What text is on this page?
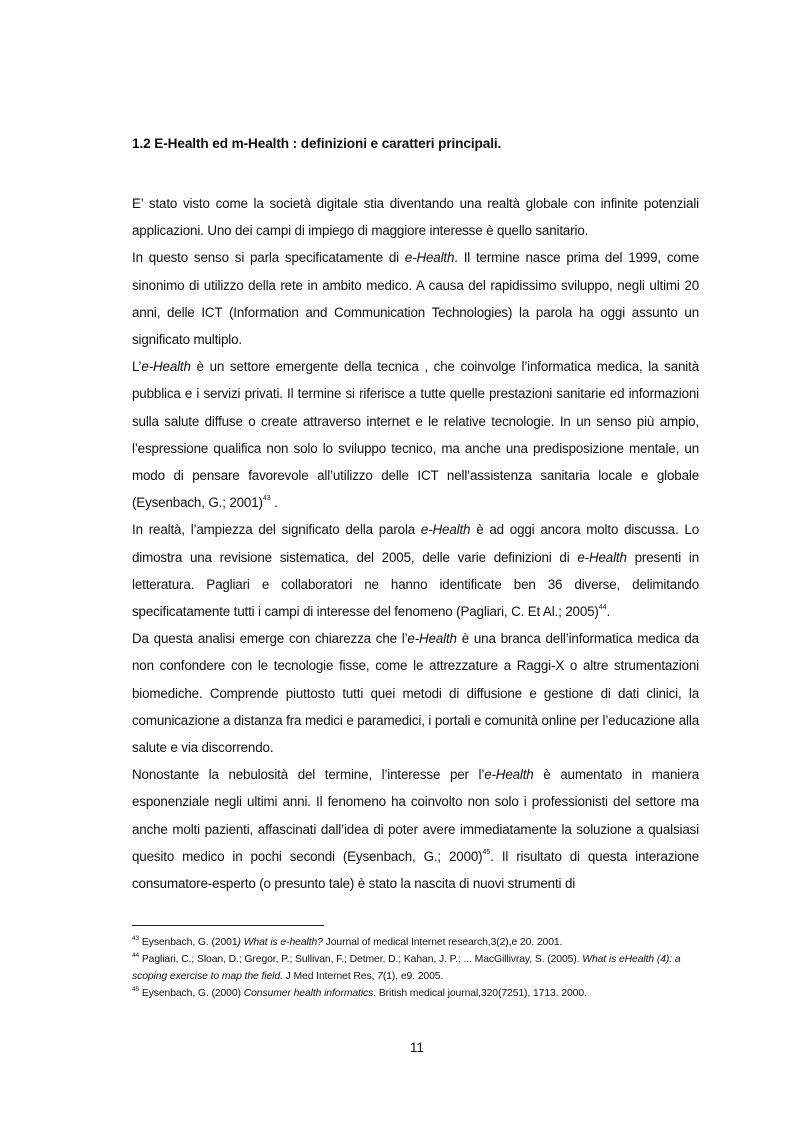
1.2 E-Health ed m-Health : definizioni e caratteri principali.

E’ stato visto come la società digitale stia diventando una realtà globale con infinite potenziali applicazioni. Uno dei campi di impiego di maggiore interesse è quello sanitario.

In questo senso si parla specificatamente di e-Health. Il termine nasce prima del 1999, come sinonimo di utilizzo della rete in ambito medico. A causa del rapidissimo sviluppo, negli ultimi 20 anni, delle ICT (Information and Communication Technologies) la parola ha oggi assunto un significato multiplo.

L’e-Health è un settore emergente della tecnica , che coinvolge l’informatica medica, la sanità pubblica e i servizi privati. Il termine si riferisce a tutte quelle prestazioni sanitarie ed informazioni sulla salute diffuse o create attraverso internet e le relative tecnologie. In un senso più ampio, l’espressione qualifica non solo lo sviluppo tecnico, ma anche una predisposizione mentale, un modo di pensare favorevole all’utilizzo delle ICT nell’assistenza sanitaria locale e globale (Eysenbach, G.; 2001)$^{43}$ .

In realtà, l’ampiezza del significato della parola e-Health è ad oggi ancora molto discussa. Lo dimostra una revisione sistematica, del 2005, delle varie definizioni di e-Health presenti in letteratura. Pagliari e collaboratori ne hanno identificate ben 36 diverse, delimitando specificatamente tutti i campi di interesse del fenomeno (Pagliari, C. Et Al.; 2005)$^{44}$.

Da questa analisi emerge con chiarezza che l’e-Health è una branca dell’informatica medica da non confondere con le tecnologie fisse, come le attrezzature a Raggi-X o altre strumentazioni biomediche. Comprende piuttosto tutti quei metodi di diffusione e gestione di dati clinici, la comunicazione a distanza fra medici e paramedici, i portali e comunità online per l’educazione alla salute e via discorrendo.

Nonostante la nebulosità del termine, l’interesse per l’e-Health è aumentato in maniera esponenziale negli ultimi anni. Il fenomeno ha coinvolto non solo i professionisti del settore ma anche molti pazienti, affascinati dall’idea di poter avere immediatamente la soluzione a qualsiasi quesito medico in pochi secondi (Eysenbach, G.; 2000)$^{45}$. Il risultato di questa interazione consumatore-esperto (o presunto tale) è stato la nascita di nuovi strumenti di

$^{43}$ Eysenbach, G. (2001) What is e-health? Journal of medical Internet research,3(2),e 20. 2001.

$^{44}$ Pagliari, C.; Sloan, D.; Gregor, P.; Sullivan, F.; Detmer, D.; Kahan, J. P.; ... MacGillivray, S. (2005). What is eHealth (4): a scoping exercise to map the field. J Med Internet Res, 7(1), e9. 2005.

$^{45}$ Eysenbach, G. (2000) Consumer health informatics. British medical journal,320(7251), 1713. 2000.

11
